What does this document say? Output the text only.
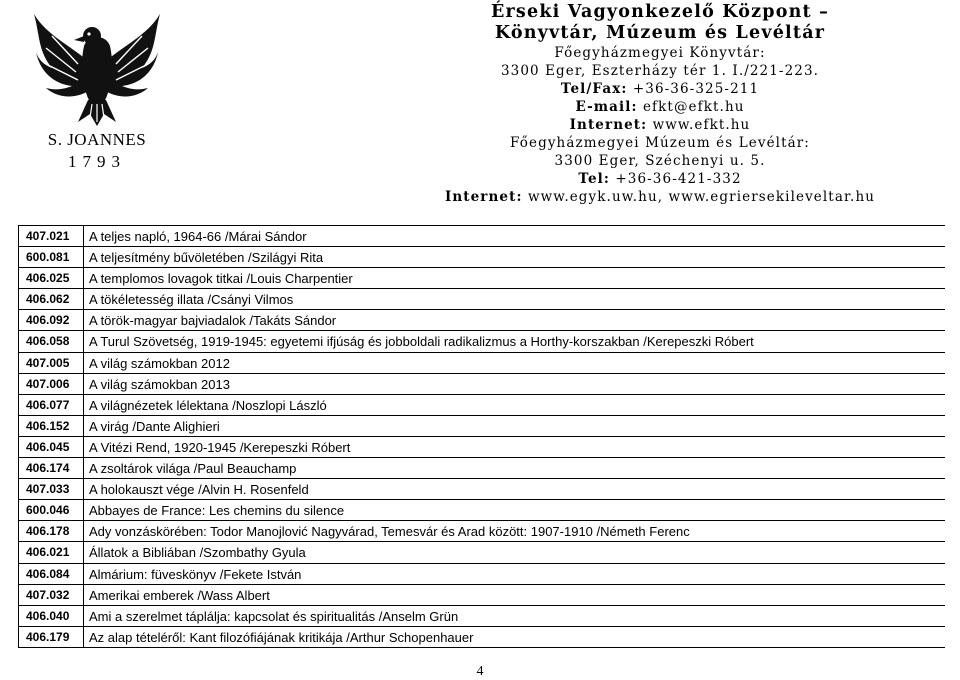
S. JOANNES
1793
Érseki Vagyonkezelő Központ –
Könyvtár, Múzeum és Levéltár
Főegyházmegyei Könyvtár:
3300 Eger, Eszterházy tér 1. I./221-223.
Tel/Fax: +36-36-325-211
E-mail: efkt@efkt.hu
Internet: www.efkt.hu
Főegyházmegyei Múzeum és Levéltár:
3300 Eger, Széchenyi u. 5.
Tel: +36-36-421-332
Internet: www.egyk.uw.hu, www.egriersekileveltar.hu
407.021	A teljes napló, 1964-66 /Márai Sándor
600.081	A teljesítmény bűvöletében /Szilágyi Rita
406.025	A templomos lovagok titkai /Louis Charpentier
406.062	A tökéletesség illata /Csányi Vilmos
406.092	A török-magyar bajviadalok /Takáts Sándor
406.058	A Turul Szövetség, 1919-1945: egyetemi ifjúság és jobboldali radikalizmus a Horthy-korszakban /Kerepeszki Róbert
407.005	A világ számokban 2012
407.006	A világ számokban 2013
406.077	A világnézetek lélektana /Noszlopi László
406.152	A virág /Dante Alighieri
406.045	A Vitézi Rend, 1920-1945 /Kerepeszki Róbert
406.174	A zsoltárok világa /Paul Beauchamp
407.033	A holokauszt vége /Alvin H. Rosenfeld
600.046	Abbayes de France: Les chemins du silence
406.178	Ady vonzáskörében: Todor Manojlović Nagyvárad, Temesvár és Arad között: 1907-1910 /Németh Ferenc
406.021	Állatok a Bibliában /Szombathy Gyula
406.084	Almárium: füveskönyv /Fekete István
407.032	Amerikai emberek /Wass Albert
406.040	Ami a szerelmet táplálja: kapcsolat és spiritualitás /Anselm Grün
406.179	Az alap tételéről: Kant filozófiájának kritikája /Arthur Schopenhauer
4
